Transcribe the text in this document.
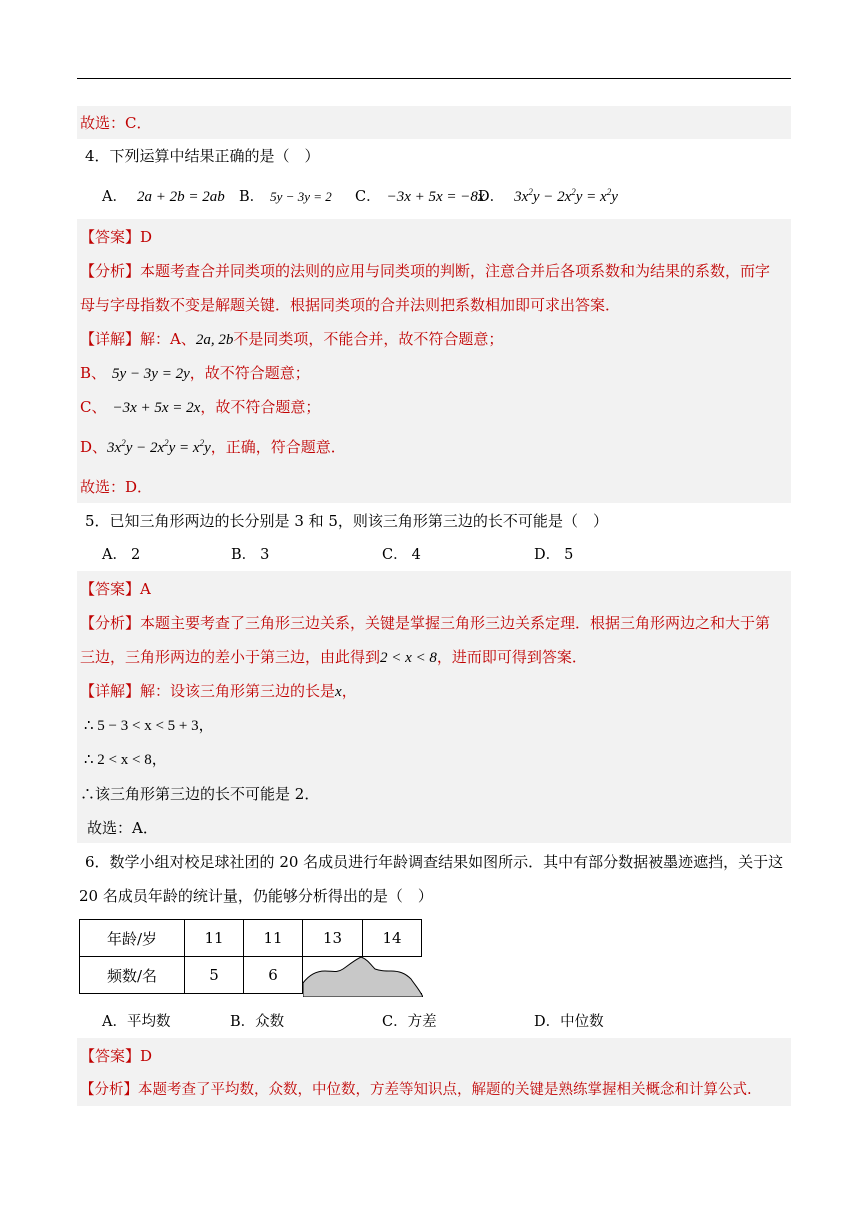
故选：C．
4．下列运算中结果正确的是（　）
A． 2a + 2b = 2ab B． 5y − 3y = 2 C． −3x + 5x = −8x
D． $3x^2y - 2x^2y = x^2y$
【答案】D
【分析】本题考查合并同类项的法则的应用与同类项的判断，注意合并后各项系数和为结果的系数，而字
母与字母指数不变是解题关键．根据同类项的合并法则把系数相加即可求出答案．
【详解】解：A、2a, 2b不是同类项，不能合并，故不符合题意；
B、 5y − 3y = 2y，故不符合题意；
C、 −3x + 5x = 2x，故不符合题意；
D、$3x^2y - 2x^2y = x^2y$，正确，符合题意．
故选：D．
5．已知三角形两边的长分别是 3 和 5，则该三角形第三边的长不可能是（　）
A． 2	B． 3	C． 4	D． 5
【答案】A
【分析】本题主要考查了三角形三边关系，关键是掌握三角形三边关系定理．根据三角形两边之和大于第
三边，三角形两边的差小于第三边，由此得到2 < x < 8，进而即可得到答案．
【详解】解：设该三角形第三边的长是x，
∴ 5 − 3 < x < 5 + 3，
∴ 2 < x < 8，
∴该三角形第三边的长不可能是 2．
故选：A．
6．数学小组对校足球社团的 20 名成员进行年龄调查结果如图所示．其中有部分数据被墨迹遮挡，关于这
20 名成员年龄的统计量，仍能够分析得出的是（　）
年龄/岁	11	11	13	14
频数/名	5	6	
A．平均数	B．众数	C．方差	D．中位数
【答案】D
【分析】本题考查了平均数，众数，中位数，方差等知识点，解题的关键是熟练掌握相关概念和计算公式.
